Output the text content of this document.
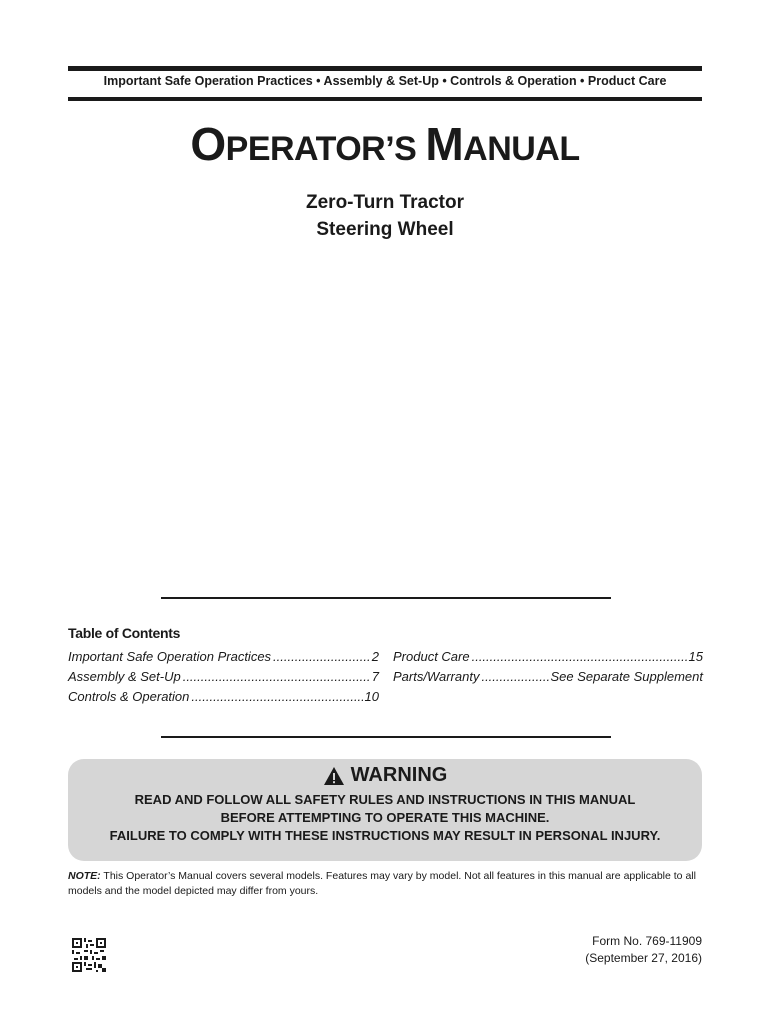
Important Safe Operation Practices • Assembly & Set-Up • Controls & Operation • Product Care
OPERATOR’S MANUAL
Zero-Turn Tractor
Steering Wheel
Table of Contents
Important Safe Operation Practices .....	2
Assembly & Set-Up .....	7
Controls & Operation .....	10
Product Care .....	15
Parts/Warranty .....	See Separate Supplement
WARNING
READ AND FOLLOW ALL SAFETY RULES AND INSTRUCTIONS IN THIS MANUAL
BEFORE ATTEMPTING TO OPERATE THIS MACHINE.
FAILURE TO COMPLY WITH THESE INSTRUCTIONS MAY RESULT IN PERSONAL INJURY.
NOTE: This Operator’s Manual covers several models. Features may vary by model. Not all features in this manual are applicable to all models and the model depicted may differ from yours.
Form No. 769-11909
(September 27, 2016)
